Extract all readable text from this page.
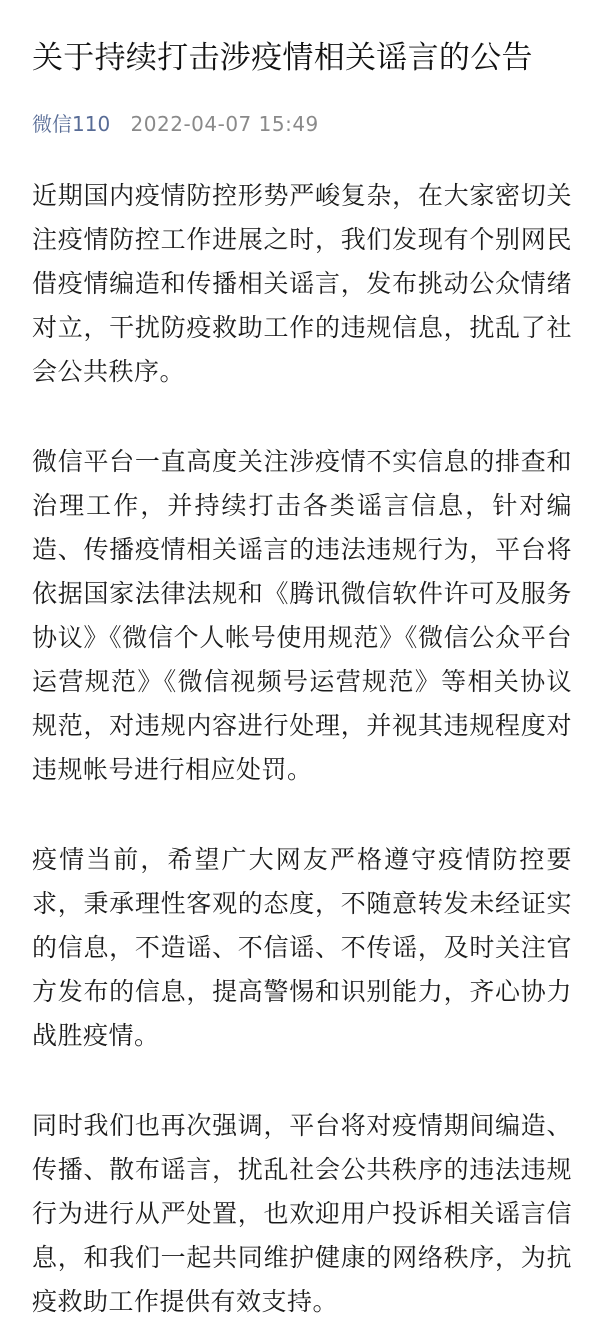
关于持续打击涉疫情相关谣言的公告
微信110 2022-04-07 15:49

近期国内疫情防控形势严峻复杂，在大家密切关注疫情防控工作进展之时，我们发现有个别网民借疫情编造和传播相关谣言，发布挑动公众情绪对立，干扰防疫救助工作的违规信息，扰乱了社会公共秩序。

微信平台一直高度关注涉疫情不实信息的排查和治理工作，并持续打击各类谣言信息，针对编造、传播疫情相关谣言的违法违规行为，平台将依据国家法律法规和《腾讯微信软件许可及服务协议》《微信个人帐号使用规范》《微信公众平台运营规范》《微信视频号运营规范》等相关协议规范，对违规内容进行处理，并视其违规程度对违规帐号进行相应处罚。

疫情当前，希望广大网友严格遵守疫情防控要求，秉承理性客观的态度，不随意转发未经证实的信息，不造谣、不信谣、不传谣，及时关注官方发布的信息，提高警惕和识别能力，齐心协力战胜疫情。

同时我们也再次强调，平台将对疫情期间编造、传播、散布谣言，扰乱社会公共秩序的违法违规行为进行从严处置，也欢迎用户投诉相关谣言信息，和我们一起共同维护健康的网络秩序，为抗疫救助工作提供有效支持。
